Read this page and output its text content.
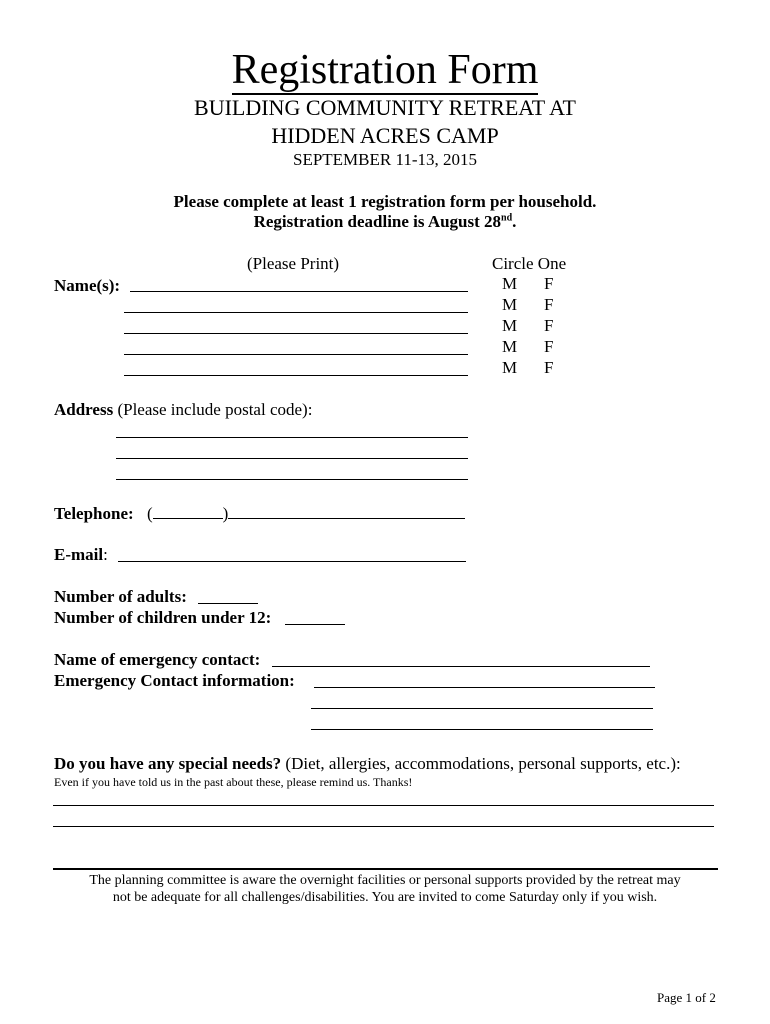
Registration Form
BUILDING COMMUNITY RETREAT AT
HIDDEN ACRES CAMP
SEPTEMBER 11-13, 2015
Please complete at least 1 registration form per household.
Registration deadline is August 28nd.
(Please Print)	Circle One
Name(s):	M F
M F
M F
M F
M F
Address (Please include postal code):
Telephone: (	)
E-mail:
Number of adults:
Number of children under 12:
Name of emergency contact:
Emergency Contact information:
Do you have any special needs? (Diet, allergies, accommodations, personal supports, etc.):
Even if you have told us in the past about these, please remind us. Thanks!
The planning committee is aware the overnight facilities or personal supports provided by the retreat may
not be adequate for all challenges/disabilities. You are invited to come Saturday only if you wish.
Page 1 of 2
